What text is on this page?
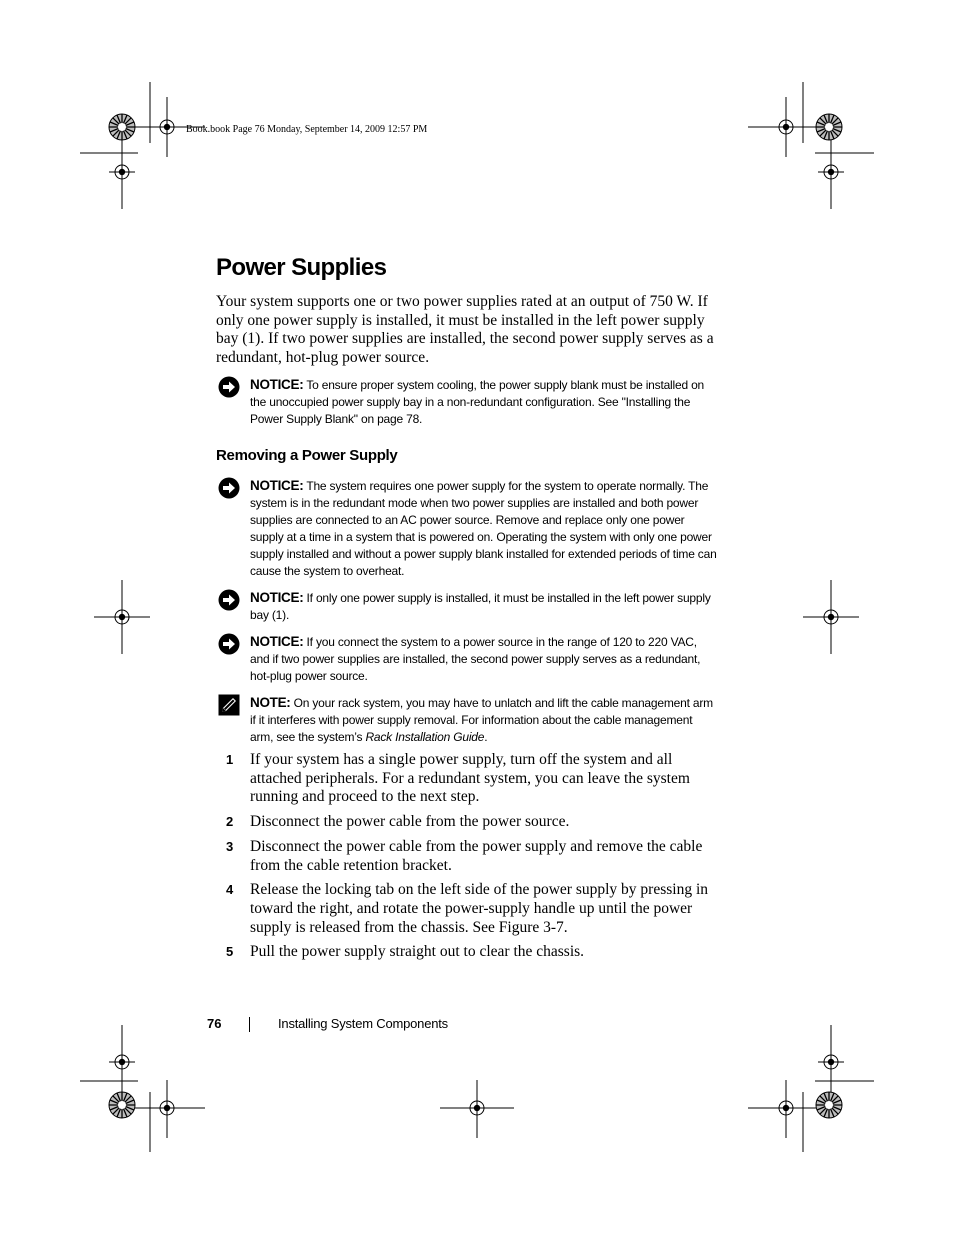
Book.book Page 76 Monday, September 14, 2009 12:57 PM
Power Supplies

Your system supports one or two power supplies rated at an output of 750 W. If only one power supply is installed, it must be installed in the left power supply bay (1). If two power supplies are installed, the second power supply serves as a redundant, hot-plug power source.

NOTICE: To ensure proper system cooling, the power supply blank must be installed on the unoccupied power supply bay in a non-redundant configuration. See "Installing the Power Supply Blank" on page 78.

Removing a Power Supply

NOTICE: The system requires one power supply for the system to operate normally. The system is in the redundant mode when two power supplies are installed and both power supplies are connected to an AC power source. Remove and replace only one power supply at a time in a system that is powered on. Operating the system with only one power supply installed and without a power supply blank installed for extended periods of time can cause the system to overheat.

NOTICE: If only one power supply is installed, it must be installed in the left power supply bay (1).

NOTICE: If you connect the system to a power source in the range of 120 to 220 VAC, and if two power supplies are installed, the second power supply serves as a redundant, hot-plug power source.

NOTE: On your rack system, you may have to unlatch and lift the cable management arm if it interferes with power supply removal. For information about the cable management arm, see the system’s Rack Installation Guide.

1 If your system has a single power supply, turn off the system and all attached peripherals. For a redundant system, you can leave the system running and proceed to the next step.
2 Disconnect the power cable from the power source.
3 Disconnect the power cable from the power supply and remove the cable from the cable retention bracket.
4 Release the locking tab on the left side of the power supply by pressing in toward the right, and rotate the power-supply handle up until the power supply is released from the chassis. See Figure 3-7.
5 Pull the power supply straight out to clear the chassis.
76	Installing System Components
